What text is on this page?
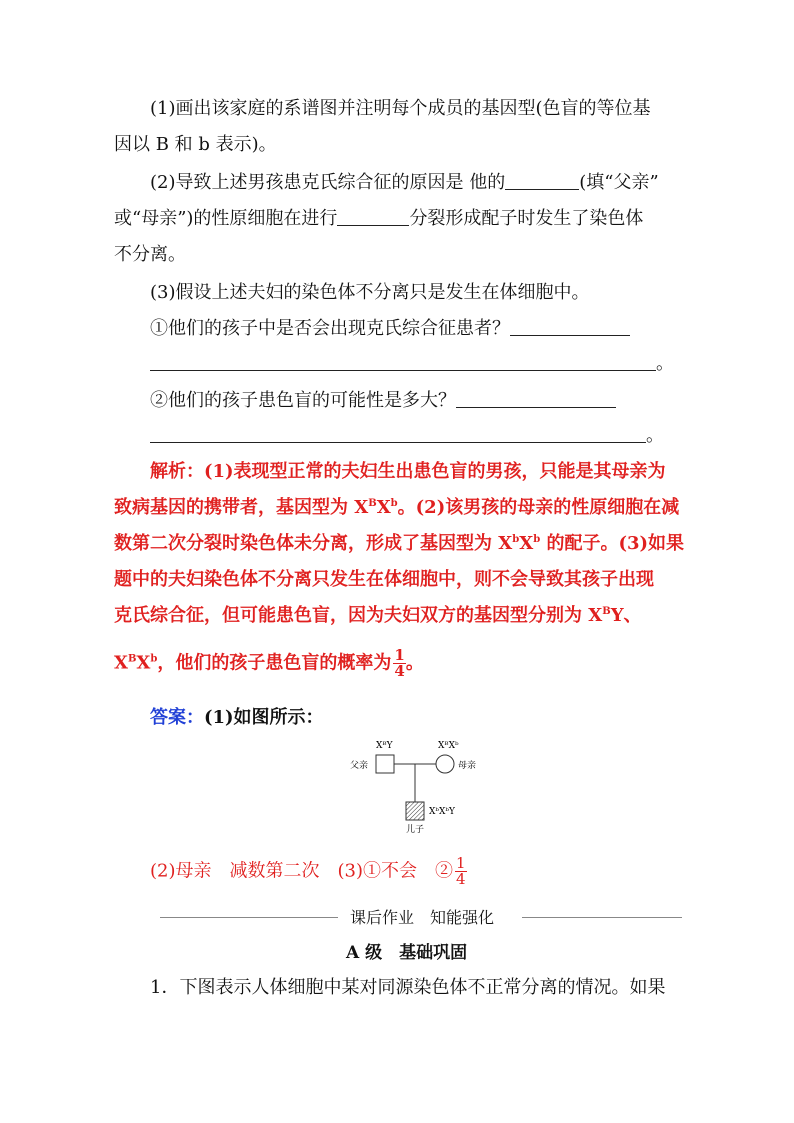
(1)画出该家庭的系谱图并注明每个成员的基因型(色盲的等位基
因以 B 和 b 表示)。
(2)导致上述男孩患克氏综合征的原因是 他的	(填“父亲”
或“母亲”)的性原细胞在进行	分裂形成配子时发生了染色体
不分离。
(3)假设上述夫妇的染色体不分离只是发生在体细胞中。
①他们的孩子中是否会出现克氏综合征患者？
。
②他们的孩子患色盲的可能性是多大？
。
解析：(1)表现型正常的夫妇生出患色盲的男孩，只能是其母亲为
致病基因的携带者，基因型为 $X^BX^b$。(2)该男孩的母亲的性原细胞在减
数第二次分裂时染色体未分离，形成了基因型为 $X^bX^b$ 的配子。(3)如果
题中的夫妇染色体不分离只发生在体细胞中，则不会导致其孩子出现
克氏综合征，但可能患色盲，因为夫妇双方的基因型分别为 $X^BY$、
$X^BX^b$，他们的孩子患色盲的概率为 $\frac{1}{4}$ 。
答案：(1)如图所示：
XᴮY	XᴮXᵇ
父亲	母亲
XᵇXᵇY
儿子
(2)母亲　减数第二次　(3)①不会　② $\frac{1}{4}$
课后作业　知能强化
A 级　基础巩固
1．下图表示人体细胞中某对同源染色体不正常分离的情况。如果
